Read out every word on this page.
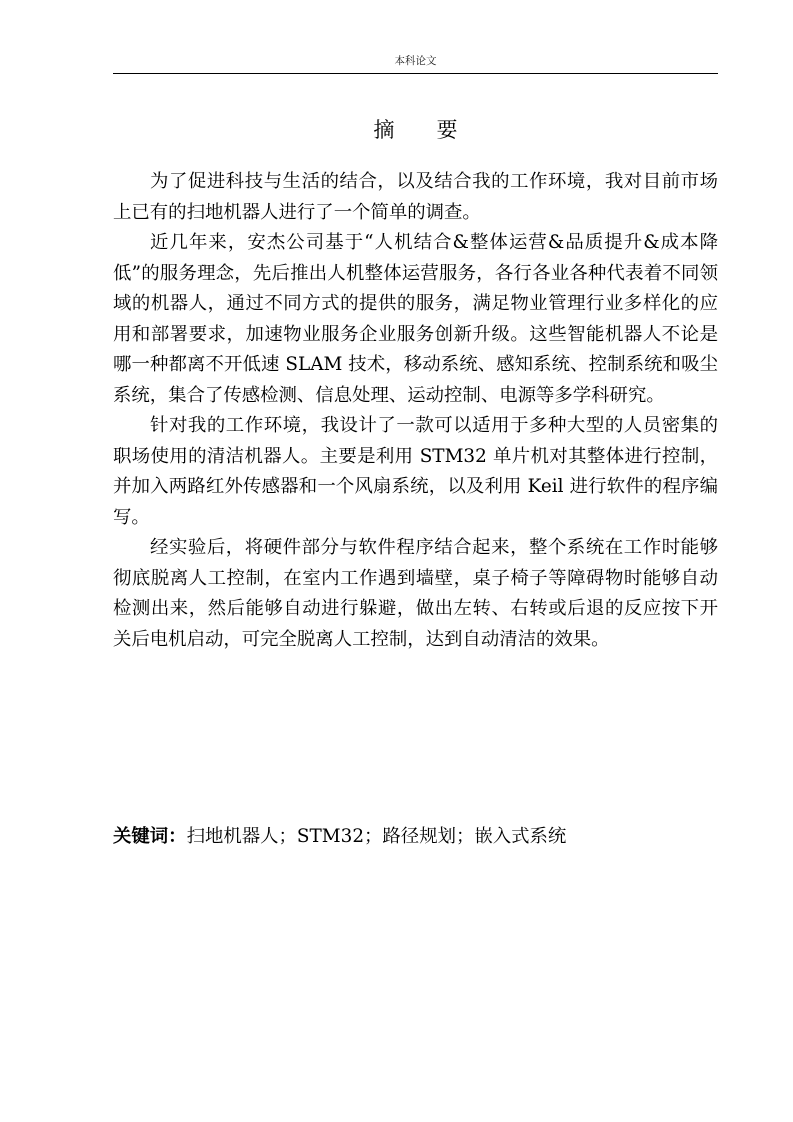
本科论文
摘 要

为了促进科技与生活的结合，以及结合我的工作环境，我对目前市场上已有的扫地机器人进行了一个简单的调查。

近几年来，安杰公司基于“人机结合&整体运营&品质提升&成本降低”的服务理念，先后推出人机整体运营服务，各行各业各种代表着不同领域的机器人，通过不同方式的提供的服务，满足物业管理行业多样化的应用和部署要求，加速物业服务企业服务创新升级。这些智能机器人不论是哪一种都离不开低速 SLAM 技术，移动系统、感知系统、控制系统和吸尘系统，集合了传感检测、信息处理、运动控制、电源等多学科研究。

针对我的工作环境，我设计了一款可以适用于多种大型的人员密集的职场使用的清洁机器人。主要是利用 STM32 单片机对其整体进行控制，并加入两路红外传感器和一个风扇系统，以及利用 Keil 进行软件的程序编写。

经实验后，将硬件部分与软件程序结合起来，整个系统在工作时能够彻底脱离人工控制，在室内工作遇到墙壁，桌子椅子等障碍物时能够自动检测出来，然后能够自动进行躲避，做出左转、右转或后退的反应按下开关后电机启动，可完全脱离人工控制，达到自动清洁的效果。

关键词：扫地机器人；STM32；路径规划；嵌入式系统
